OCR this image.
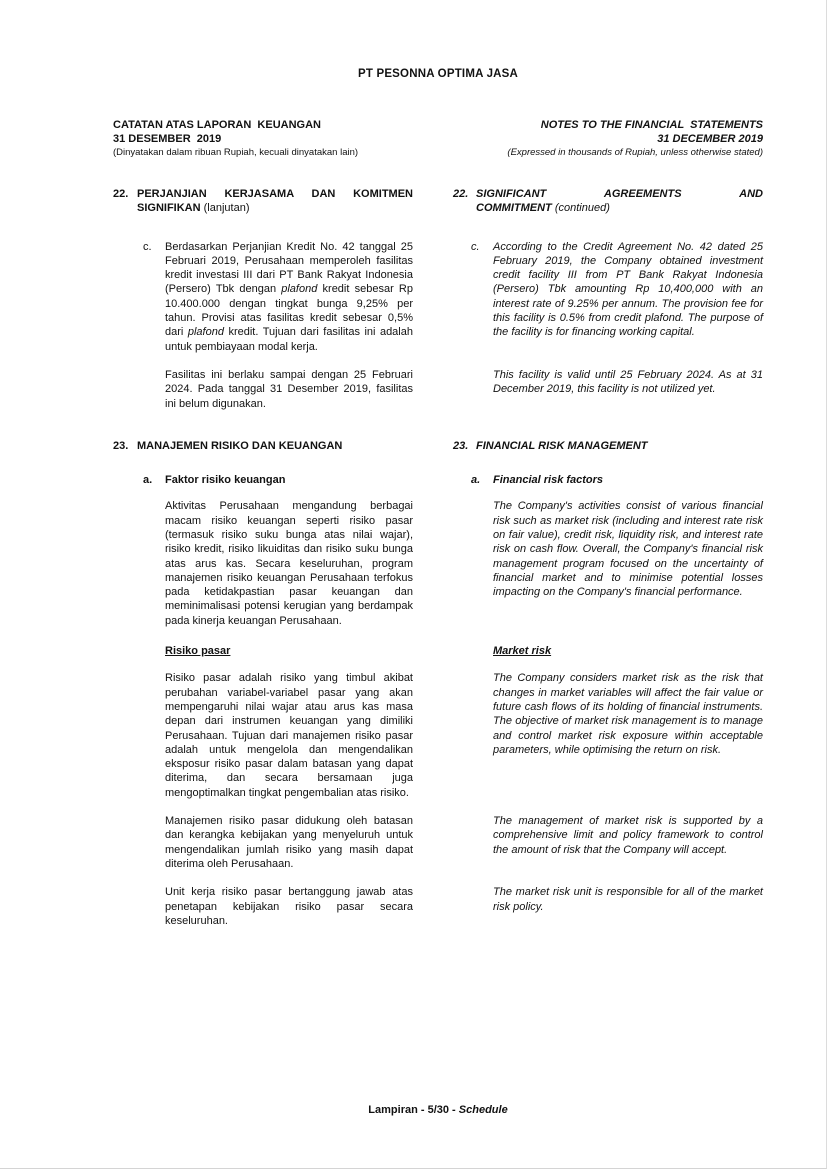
PT PESONNA OPTIMA JASA
CATATAN ATAS LAPORAN  KEUANGAN
31 DESEMBER  2019
(Dinyatakan dalam ribuan Rupiah, kecuali dinyatakan lain)
NOTES TO THE FINANCIAL  STATEMENTS
31 DECEMBER 2019
(Expressed in thousands of Rupiah, unless otherwise stated)
22. PERJANJIAN KERJASAMA DAN KOMITMEN
SIGNIFIKAN (lanjutan)
22. SIGNIFICANT AGREEMENTS AND
COMMITMENT (continued)
c.	Berdasarkan Perjanjian Kredit No. 42 tanggal 25 Februari 2019, Perusahaan memperoleh fasilitas kredit investasi III dari PT Bank Rakyat Indonesia (Persero) Tbk dengan plafond kredit sebesar Rp 10.400.000 dengan tingkat bunga 9,25% per tahun. Provisi atas fasilitas kredit sebesar 0,5% dari plafond kredit. Tujuan dari fasilitas ini adalah untuk pembiayaan modal kerja.

c.	According to the Credit Agreement No. 42 dated 25 February 2019, the Company obtained investment credit facility III from PT Bank Rakyat Indonesia (Persero) Tbk amounting Rp 10,400,000 with an interest rate of 9.25% per annum. The provision fee for this facility is 0.5% from credit plafond. The purpose of the facility is for financing working capital.

Fasilitas ini berlaku sampai dengan 25 Februari 2024. Pada tanggal 31 Desember 2019, fasilitas ini belum digunakan.

This facility is valid until 25 February 2024. As at 31 December 2019, this facility is not utilized yet.

23. MANAJEMEN RISIKO DAN KEUANGAN	23. FINANCIAL RISK MANAGEMENT
a.	Faktor risiko keuangan	a.	Financial risk factors

Aktivitas Perusahaan mengandung berbagai macam risiko keuangan seperti risiko pasar (termasuk risiko suku bunga atas nilai wajar), risiko kredit, risiko likuiditas dan risiko suku bunga atas arus kas. Secara keseluruhan, program manajemen risiko keuangan Perusahaan terfokus pada ketidakpastian pasar keuangan dan meminimalisasi potensi kerugian yang berdampak pada kinerja keuangan Perusahaan.

The Company's activities consist of various financial risk such as market risk (including and interest rate risk on fair value), credit risk, liquidity risk, and interest rate risk on cash flow. Overall, the Company's financial risk management program focused on the uncertainty of financial market and to minimise potential losses impacting on the Company's financial performance.

Risiko pasar	Market risk

Risiko pasar adalah risiko yang timbul akibat perubahan variabel-variabel pasar yang akan mempengaruhi nilai wajar atau arus kas masa depan dari instrumen keuangan yang dimiliki Perusahaan. Tujuan dari manajemen risiko pasar adalah untuk mengelola dan mengendalikan eksposur risiko pasar dalam batasan yang dapat diterima, dan secara bersamaan juga mengoptimalkan tingkat pengembalian atas risiko.

The Company considers market risk as the risk that changes in market variables will affect the fair value or future cash flows of its holding of financial instruments. The objective of market risk management is to manage and control market risk exposure within acceptable parameters, while optimising the return on risk.

Manajemen risiko pasar didukung oleh batasan dan kerangka kebijakan yang menyeluruh untuk mengendalikan jumlah risiko yang masih dapat diterima oleh Perusahaan.

The management of market risk is supported by a comprehensive limit and policy framework to control the amount of risk that the Company will accept.

Unit kerja risiko pasar bertanggung jawab atas penetapan kebijakan risiko pasar secara keseluruhan.

The market risk unit is responsible for all of the market risk policy.

Lampiran - 5/30 - Schedule
